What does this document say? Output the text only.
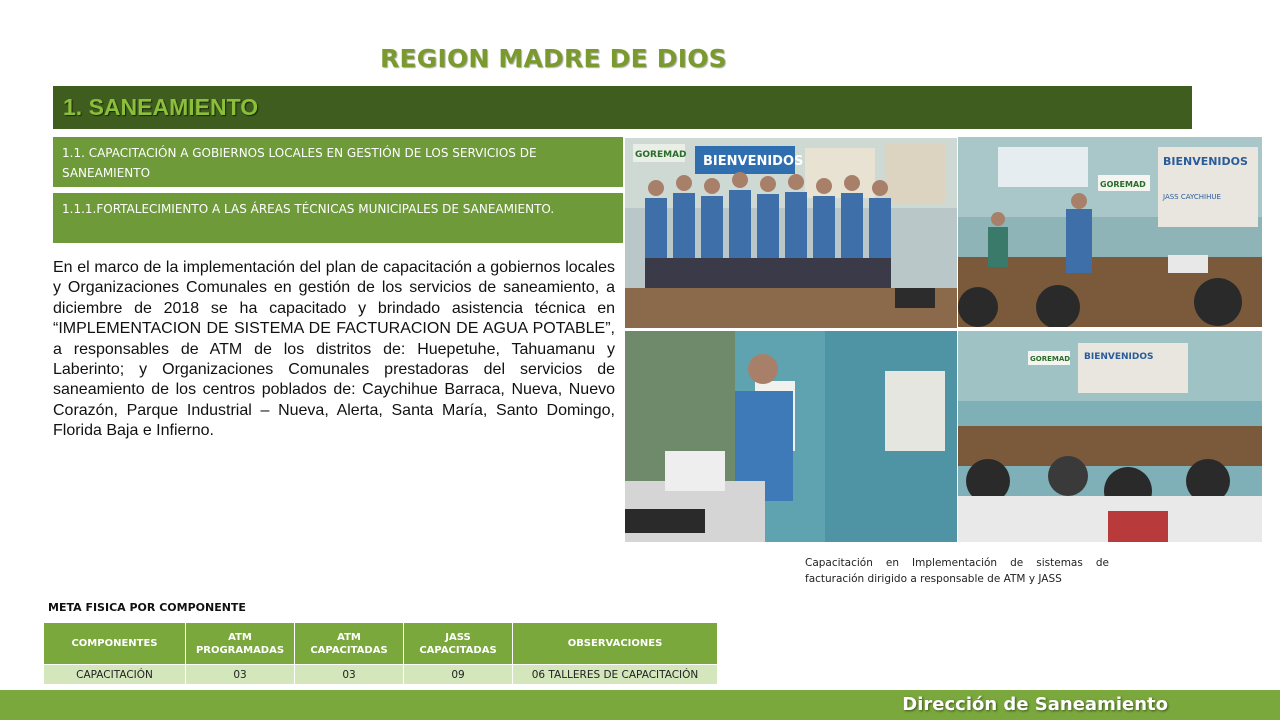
REGION MADRE DE DIOS
1. SANEAMIENTO
1.1. CAPACITACIÓN A GOBIERNOS LOCALES EN GESTIÓN DE LOS SERVICIOS DE SANEAMIENTO
1.1.1.FORTALECIMIENTO A LAS ÁREAS TÉCNICAS MUNICIPALES DE SANEAMIENTO.
En el marco de la implementación del plan de capacitación a gobiernos locales y Organizaciones Comunales en gestión de los servicios de saneamiento, a diciembre de 2018 se ha capacitado y brindado asistencia técnica en “IMPLEMENTACION DE SISTEMA DE FACTURACION DE AGUA POTABLE”, a responsables de ATM de los distritos de: Huepetuhe, Tahuamanu y Laberinto; y Organizaciones Comunales prestadoras del servicios de saneamiento de los centros poblados de: Caychihue Barraca, Nueva, Nuevo Corazón, Parque Industrial – Nueva, Alerta, Santa María, Santo Domingo, Florida Baja e Infierno.
BIENVENIDOS
GOREMAD	BIENVENIDOS
JASS CAYCHIHUE
GOREMAD
BIENVENIDOS
GOREMAD
Capacitación en Implementación de sistemas de facturación dirigido a responsable de ATM y JASS
META FISICA POR COMPONENTE
COMPONENTES	ATM PROGRAMADAS	ATM CAPACITADAS	JASS CAPACITADAS	OBSERVACIONES
CAPACITACIÓN	03	03	09	06 TALLERES DE CAPACITACIÓN
Dirección de Saneamiento
